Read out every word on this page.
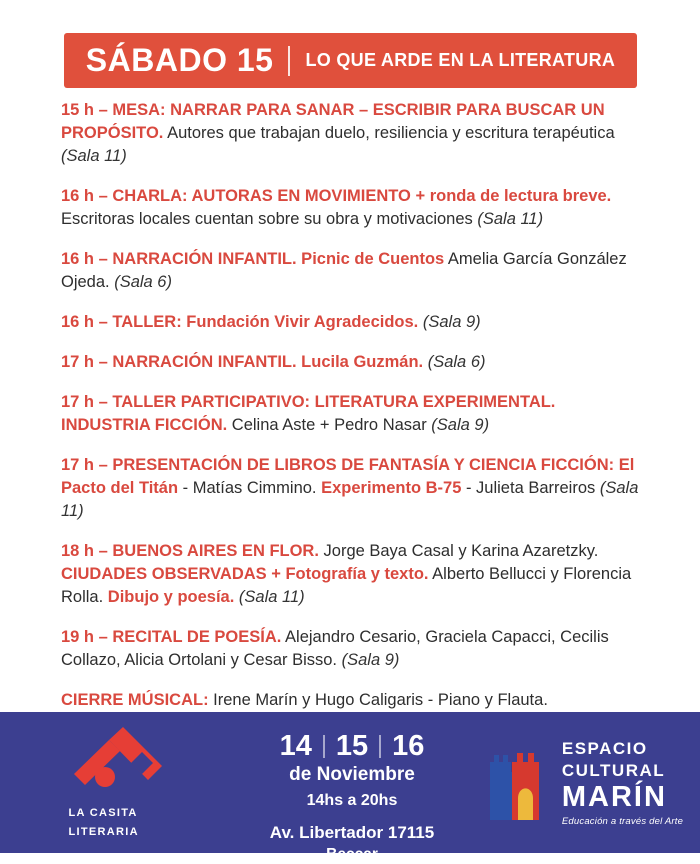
SÁBADO 15 LO QUE ARDE EN LA LITERATURA

15 h – MESA: NARRAR PARA SANAR – ESCRIBIR PARA BUSCAR UN PROPÓSITO. Autores que trabajan duelo, resiliencia y escritura terapéutica (Sala 11)

16 h – CHARLA: AUTORAS EN MOVIMIENTO + ronda de lectura breve. Escritoras locales cuentan sobre su obra y motivaciones (Sala 11)

16 h – NARRACIÓN INFANTIL. Picnic de Cuentos Amelia García González Ojeda. (Sala 6)

16 h – TALLER: Fundación Vivir Agradecidos. (Sala 9)

17 h – NARRACIÓN INFANTIL. Lucila Guzmán. (Sala 6)

17 h – TALLER PARTICIPATIVO: LITERATURA EXPERIMENTAL. INDUSTRIA FICCIÓN. Celina Aste + Pedro Nasar (Sala 9)

17 h – PRESENTACIÓN DE LIBROS DE FANTASÍA Y CIENCIA FICCIÓN: El Pacto del Titán - Matías Cimmino. Experimento B-75 - Julieta Barreiros (Sala 11)

18 h – BUENOS AIRES EN FLOR. Jorge Baya Casal y Karina Azaretzky. CIUDADES OBSERVADAS + Fotografía y texto. Alberto Bellucci y Florencia Rolla. Dibujo y poesía. (Sala 11)

19 h – RECITAL DE POESÍA. Alejandro Cesario, Graciela Capacci, Cecilis Collazo, Alicia Ortolani y Cesar Bisso. (Sala 9)

CIERRE MÚSICAL: Irene Marín y Hugo Caligaris - Piano y Flauta.

LA CASITA
LITERARIA
14 15 16
de Noviembre
14hs a 20hs
Av. Libertador 17115
Beccar
ESPACIO
CULTURAL
MARÍN
Educación a través del Arte
